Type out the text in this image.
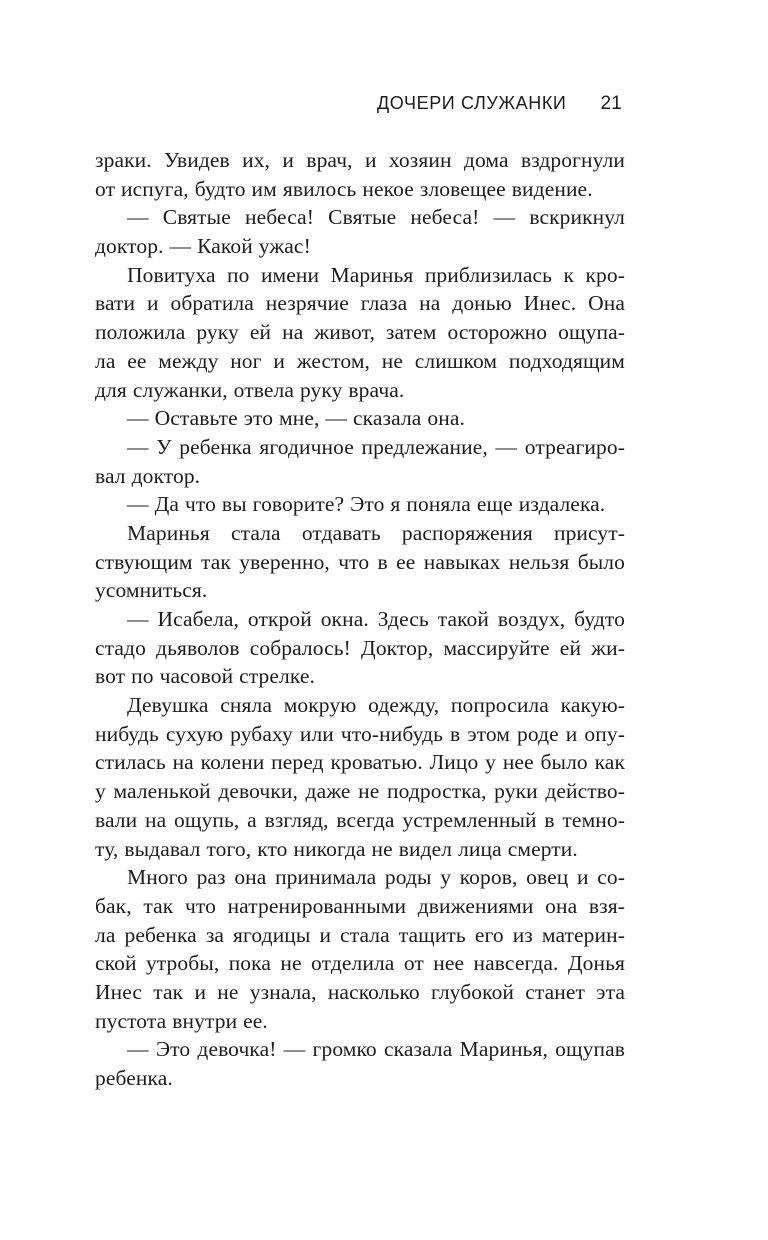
ДОЧЕРИ СЛУЖАНКИ 21
зраки. Увидев их, и врач, и хозяин дома вздрогнули
от испуга, будто им явилось некое зловещее видение.
— Святые небеса! Святые небеса! — вскрикнул
доктор. — Какой ужас!
Повитуха по имени Маринья приблизилась к кро-
вати и обратила незрячие глаза на донью Инес. Она
положила руку ей на живот, затем осторожно ощупа-
ла ее между ног и жестом, не слишком подходящим
для служанки, отвела руку врача.
— Оставьте это мне, — сказала она.
— У ребенка ягодичное предлежание, — отреагиро-
вал доктор.
— Да что вы говорите? Это я поняла еще издалека.
Маринья стала отдавать распоряжения присут-
ствующим так уверенно, что в ее навыках нельзя было
усомниться.
— Исабела, открой окна. Здесь такой воздух, будто
стадо дьяволов собралось! Доктор, массируйте ей жи-
вот по часовой стрелке.
Девушка сняла мокрую одежду, попросила какую-
нибудь сухую рубаху или что-нибудь в этом роде и опу-
стилась на колени перед кроватью. Лицо у нее было как
у маленькой девочки, даже не подростка, руки действо-
вали на ощупь, а взгляд, всегда устремленный в темно-
ту, выдавал того, кто никогда не видел лица смерти.
Много раз она принимала роды у коров, овец и со-
бак, так что натренированными движениями она взя-
ла ребенка за ягодицы и стала тащить его из материн-
ской утробы, пока не отделила от нее навсегда. Донья
Инес так и не узнала, насколько глубокой станет эта
пустота внутри ее.
— Это девочка! — громко сказала Маринья, ощупав
ребенка.
